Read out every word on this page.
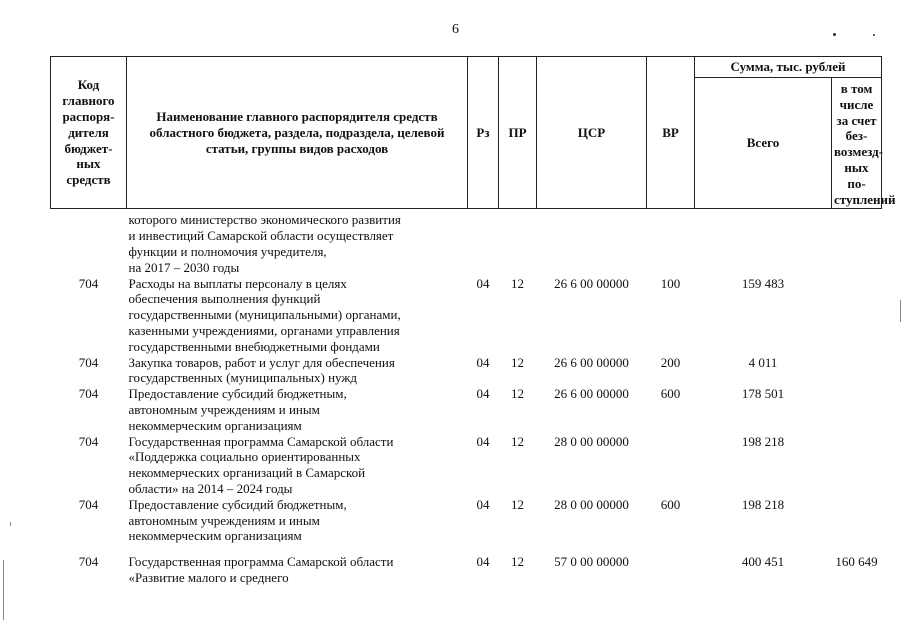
6
Код главного распоря-дителя бюджет-ных средств	Наименование главного распорядителя средств областного бюджета, раздела, подраздела, целевой статьи, группы видов расходов	Рз	ПР	ЦСР	ВР	Сумма, тыс. рублей	
						Всего	в том числе за счет без-возмезд-ных по-ступлений
	которого министерство экономического развития
и инвестиций Самарской области осуществляет
функции и полномочия учредителя,
на 2017 – 2030 годы						
704	Расходы на выплаты персоналу в целях
обеспечения выполнения функций
государственными (муниципальными) органами,
казенными учреждениями, органами управления
государственными внебюджетными фондами	04	12	26 6 00 00000	100	159 483	
704	Закупка товаров, работ и услуг для обеспечения
государственных (муниципальных) нужд	04	12	26 6 00 00000	200	4 011	
704	Предоставление субсидий бюджетным,
автономным учреждениям и иным
некоммерческим организациям	04	12	26 6 00 00000	600	178 501	
704	Государственная программа Самарской области
«Поддержка социально ориентированных
некоммерческих организаций в Самарской
области» на 2014 – 2024 годы	04	12	28 0 00 00000		198 218	
704	Предоставление субсидий бюджетным,
автономным учреждениям и иным
некоммерческим организациям	04	12	28 0 00 00000	600	198 218	
704	Государственная программа Самарской области
«Развитие малого и среднего	04	12	57 0 00 00000		400 451	160 649
